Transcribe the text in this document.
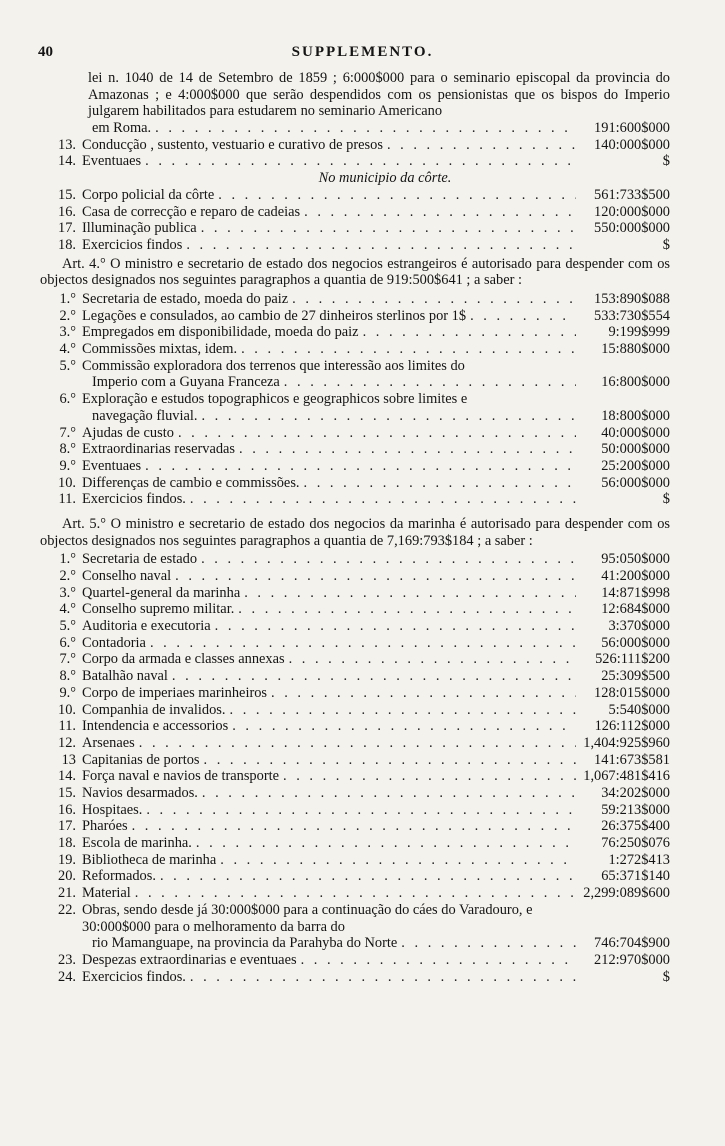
40	SUPPLEMENTO.
lei n. 1040 de 14 de Setembro de 1859 ; 6:000$000 para o seminario episcopal da provincia do Amazonas ; e 4:000$000 que serão despendidos com os pensionistas que os bispos do Imperio julgarem habilitados para estudarem no seminario Americano
em Roma. . . .	191:600$000
13. Conducção , sustento, vestuario e curativo de presos . . .	140:000$000
14. Eventuaes . . .	$
No municipio da côrte.
15. Corpo policial da côrte . . .	561:733$500
16. Casa de correcção e reparo de cadeias . . .	120:000$000
17. Illuminação publica . . .	550:000$000
18. Exercicios findos . . .	$
Art. 4.° O ministro e secretario de estado dos negocios estrangeiros é autorisado para despender com os objectos designados nos seguintes paragraphos a quantia de 919:500$641 ; a saber :
1.° Secretaria de estado, moeda do paiz . . .	153:890$088
2.° Legações e consulados, ao cambio de 27 dinheiros sterlinos por 1$ . . .	533:730$554
3.° Empregados em disponibilidade, moeda do paiz . . .	9:199$999
4.° Commissões mixtas, idem. . . .	15:880$000
5.° Commissão exploradora dos terrenos que interessão aos limites do
Imperio com a Guyana Franceza . . .	16:800$000
6.° Exploração e estudos topographicos e geographicos sobre limites e
navegação fluvial. . . .	18:800$000
7.° Ajudas de custo . . .	40:000$000
8.° Extraordinarias reservadas . . .	50:000$000
9.° Eventuaes . . .	25:200$000
10. Differenças de cambio e commissões. . . .	56:000$000
11. Exercicios findos. . . .	$
Art. 5.° O ministro e secretario de estado dos negocios da marinha é autorisado para despender com os objectos designados nos seguintes paragraphos a quantia de 7,169:793$184 ; a saber :
1.° Secretaria de estado . . .	95:050$000
2.° Conselho naval . . .	41:200$000
3.° Quartel-general da marinha . . .	14:871$998
4.° Conselho supremo militar. . . .	12:684$000
5.° Auditoria e executoria . . .	3:370$000
6.° Contadoria . . .	56:000$000
7.° Corpo da armada e classes annexas . . .	526:111$200
8.° Batalhão naval . . .	25:309$500
9.° Corpo de imperiaes marinheiros . . .	128:015$000
10. Companhia de invalidos. . . .	5:540$000
11. Intendencia e accessorios . . .	126:112$000
12. Arsenaes . . .	1,404:925$960
13 Capitanias de portos . . .	141:673$581
14. Força naval e navios de transporte . . .	1,067:481$416
15. Navios desarmados. . . .	34:202$000
16. Hospitaes. . . .	59:213$000
17. Pharóes . . .	26:375$400
18. Escola de marinha. . . .	76:250$076
19. Bibliotheca de marinha . . .	1:272$413
20. Reformados. . . .	65:371$140
21. Material . . .	2,299:089$600
22. Obras, sendo desde já 30:000$000 para a continuação do cáes do Varadouro, e 30:000$000 para o melhoramento da barra do
rio Mamanguape, na provincia da Parahyba do Norte . . .	746:704$900
23. Despezas extraordinarias e eventuaes . . .	212:970$000
24. Exercicios findos. . . .	$
